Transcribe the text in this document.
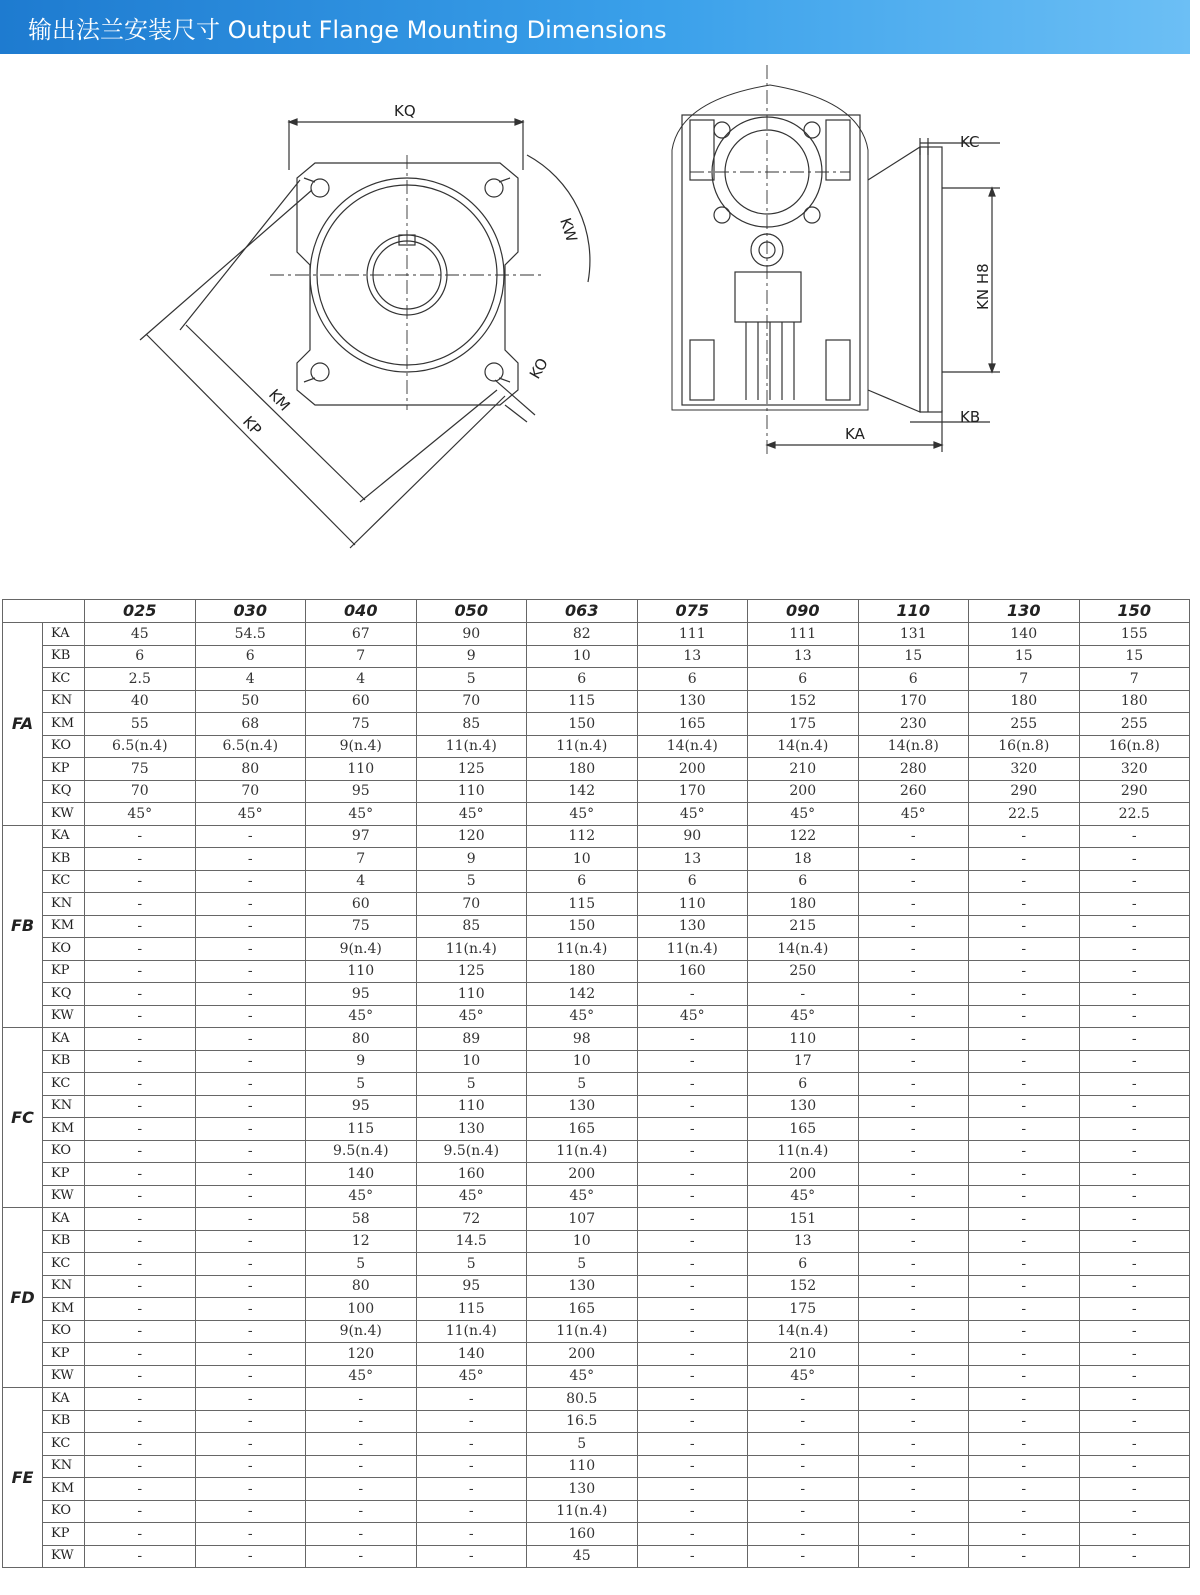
输出法兰安装尺寸 Output Flange Mounting Dimensions
KQ
KW
KM
KP
KO
KC
KN H8
KB
KA
		025	030	040	050	063	075	090	110	130	150
FA	KA	45	54.5	67	90	82	111	111	131	140	155
	KB	6	6	7	9	10	13	13	15	15	15
	KC	2.5	4	4	5	6	6	6	6	7	7
	KN	40	50	60	70	115	130	152	170	180	180
	KM	55	68	75	85	150	165	175	230	255	255
	KO	6.5(n.4)	6.5(n.4)	9(n.4)	11(n.4)	11(n.4)	14(n.4)	14(n.4)	14(n.8)	16(n.8)	16(n.8)
	KP	75	80	110	125	180	200	210	280	320	320
	KQ	70	70	95	110	142	170	200	260	290	290
	KW	45°	45°	45°	45°	45°	45°	45°	45°	22.5	22.5
FB	KA	-	-	97	120	112	90	122	-	-	-
	KB	-	-	7	9	10	13	18	-	-	-
	KC	-	-	4	5	6	6	6	-	-	-
	KN	-	-	60	70	115	110	180	-	-	-
	KM	-	-	75	85	150	130	215	-	-	-
	KO	-	-	9(n.4)	11(n.4)	11(n.4)	11(n.4)	14(n.4)	-	-	-
	KP	-	-	110	125	180	160	250	-	-	-
	KQ	-	-	95	110	142	-	-	-	-	-
	KW	-	-	45°	45°	45°	45°	45°	-	-	-
FC	KA	-	-	80	89	98	-	110	-	-	-
	KB	-	-	9	10	10	-	17	-	-	-
	KC	-	-	5	5	5	-	6	-	-	-
	KN	-	-	95	110	130	-	130	-	-	-
	KM	-	-	115	130	165	-	165	-	-	-
	KO	-	-	9.5(n.4)	9.5(n.4)	11(n.4)	-	11(n.4)	-	-	-
	KP	-	-	140	160	200	-	200	-	-	-
	KW	-	-	45°	45°	45°	-	45°	-	-	-
FD	KA	-	-	58	72	107	-	151	-	-	-
	KB	-	-	12	14.5	10	-	13	-	-	-
	KC	-	-	5	5	5	-	6	-	-	-
	KN	-	-	80	95	130	-	152	-	-	-
	KM	-	-	100	115	165	-	175	-	-	-
	KO	-	-	9(n.4)	11(n.4)	11(n.4)	-	14(n.4)	-	-	-
	KP	-	-	120	140	200	-	210	-	-	-
	KW	-	-	45°	45°	45°	-	45°	-	-	-
FE	KA	-	-	-	-	80.5	-	-	-	-	-
	KB	-	-	-	-	16.5	-	-	-	-	-
	KC	-	-	-	-	5	-	-	-	-	-
	KN	-	-	-	-	110	-	-	-	-	-
	KM	-	-	-	-	130	-	-	-	-	-
	KO	-	-	-	-	11(n.4)	-	-	-	-	-
	KP	-	-	-	-	160	-	-	-	-	-
	KW	-	-	-	-	45	-	-	-	-	-
